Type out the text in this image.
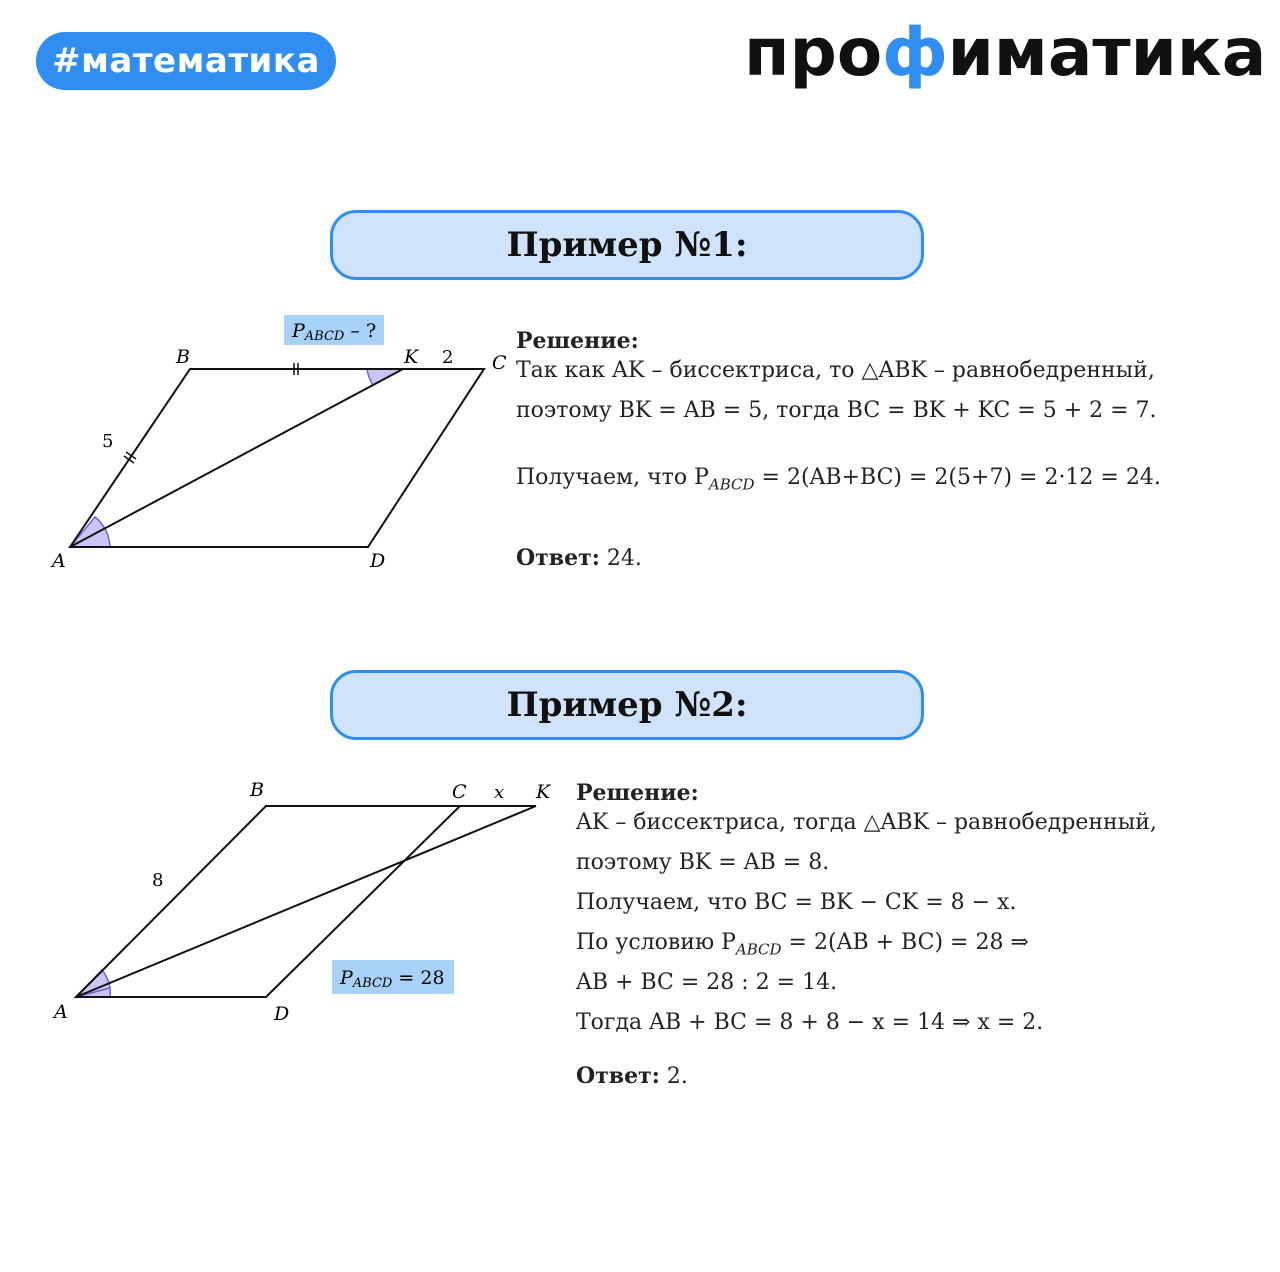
#математика	профиматика
Пример №1:
PABCD – ?
A
B	C
D
K
5
2
Решение:
Так как AK – биссектриса, то △ABK – равнобедренный,
поэтому BK = AB = 5, тогда BC = BK + KC = 5 + 2 = 7.
Получаем, что $P_{ABCD} = 2(AB+BC) = 2(5+7) = 2\cdot 12 = 24$.
Ответ: 24.
Пример №2:
PABCD = 28
A
B	C
D
K
x
8
Решение:
AK – биссектриса, тогда △ABK – равнобедренный,
поэтому BK = AB = 8.
Получаем, что BC = BK − CK = 8 − x.
По условию $P_{ABCD} = 2(AB + BC) = 28$ ⇒
AB + BC = 28 : 2 = 14.
Тогда AB + BC = 8 + 8 − x = 14 ⇒ x = 2.
Ответ: 2.
